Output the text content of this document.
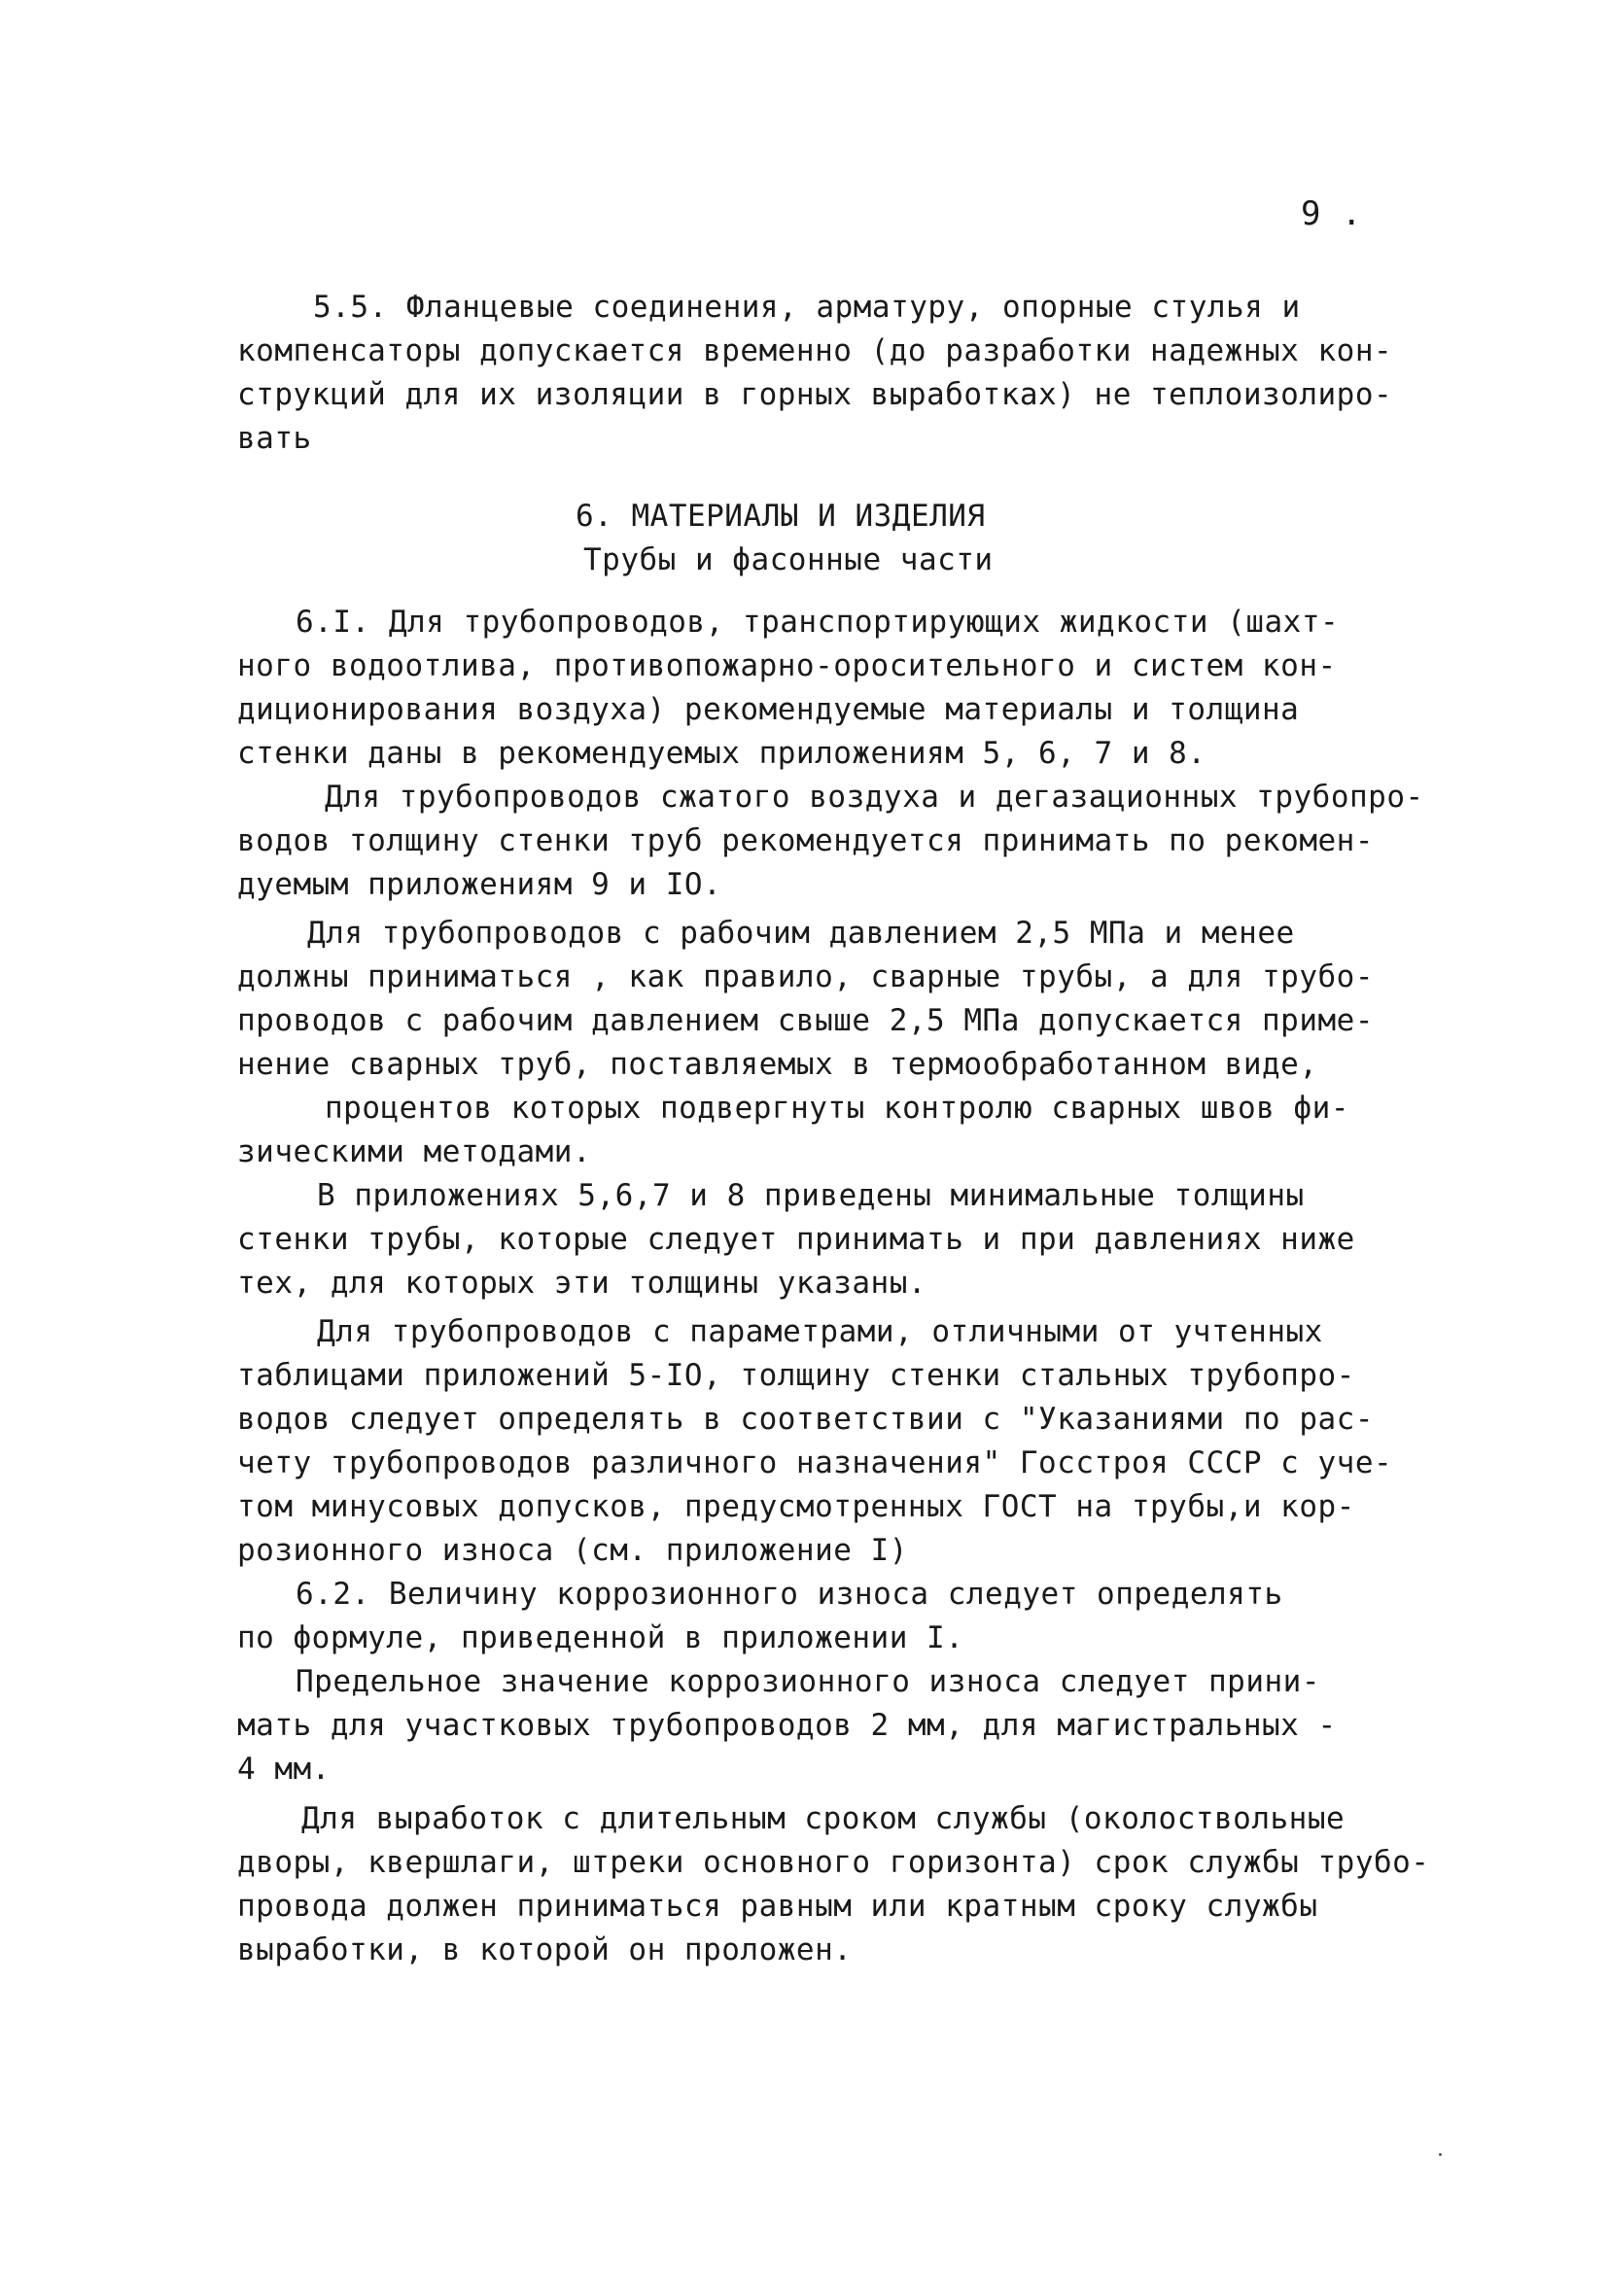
9 .
5.5. Фланцевые соединения, арматуру, опорные стулья и
компенсаторы допускается временно (до разработки надежных кон-
струкций для их изоляции в горных выработках) не теплоизолиро-
вать
6. МАТЕРИАЛЫ И ИЗДЕЛИЯ
Трубы и фасонные части
6.I. Для трубопроводов, транспортирующих жидкости (шахт-
ного водоотлива, противопожарно-оросительного и систем кон-
диционирования воздуха) рекомендуемые материалы и толщина
стенки даны в рекомендуемых приложениям 5, 6, 7 и 8.
Для трубопроводов сжатого воздуха и дегазационных трубопро-
водов толщину стенки труб рекомендуется принимать по рекомен-
дуемым приложениям 9 и IO.
Для трубопроводов с рабочим давлением 2,5 МПа и менее
должны приниматься , как правило, сварные трубы, а для трубо-
проводов с рабочим давлением свыше 2,5 МПа допускается приме-
нение сварных труб, поставляемых в термообработанном виде,
процентов которых подвергнуты контролю сварных швов фи-
зическими методами.
В приложениях 5,6,7 и 8 приведены минимальные толщины
стенки трубы, которые следует принимать и при давлениях ниже
тех, для которых эти толщины указаны.
Для трубопроводов с параметрами, отличными от учтенных
таблицами приложений 5-IO, толщину стенки стальных трубопро-
водов следует определять в соответствии с "Указаниями по рас-
чету трубопроводов различного назначения" Госстроя СССР с уче-
том минусовых допусков, предусмотренных ГОСТ на трубы,и кор-
розионного износа (см. приложение I)
6.2. Величину коррозионного износа следует определять
по формуле, приведенной в приложении I.
Предельное значение коррозионного износа следует прини-
мать для участковых трубопроводов 2 мм, для магистральных -
4 мм.
Для выработок с длительным сроком службы (околоствольные
дворы, квершлаги, штреки основного горизонта) срок службы трубо-
провода должен приниматься равным или кратным сроку службы
выработки, в которой он проложен.
